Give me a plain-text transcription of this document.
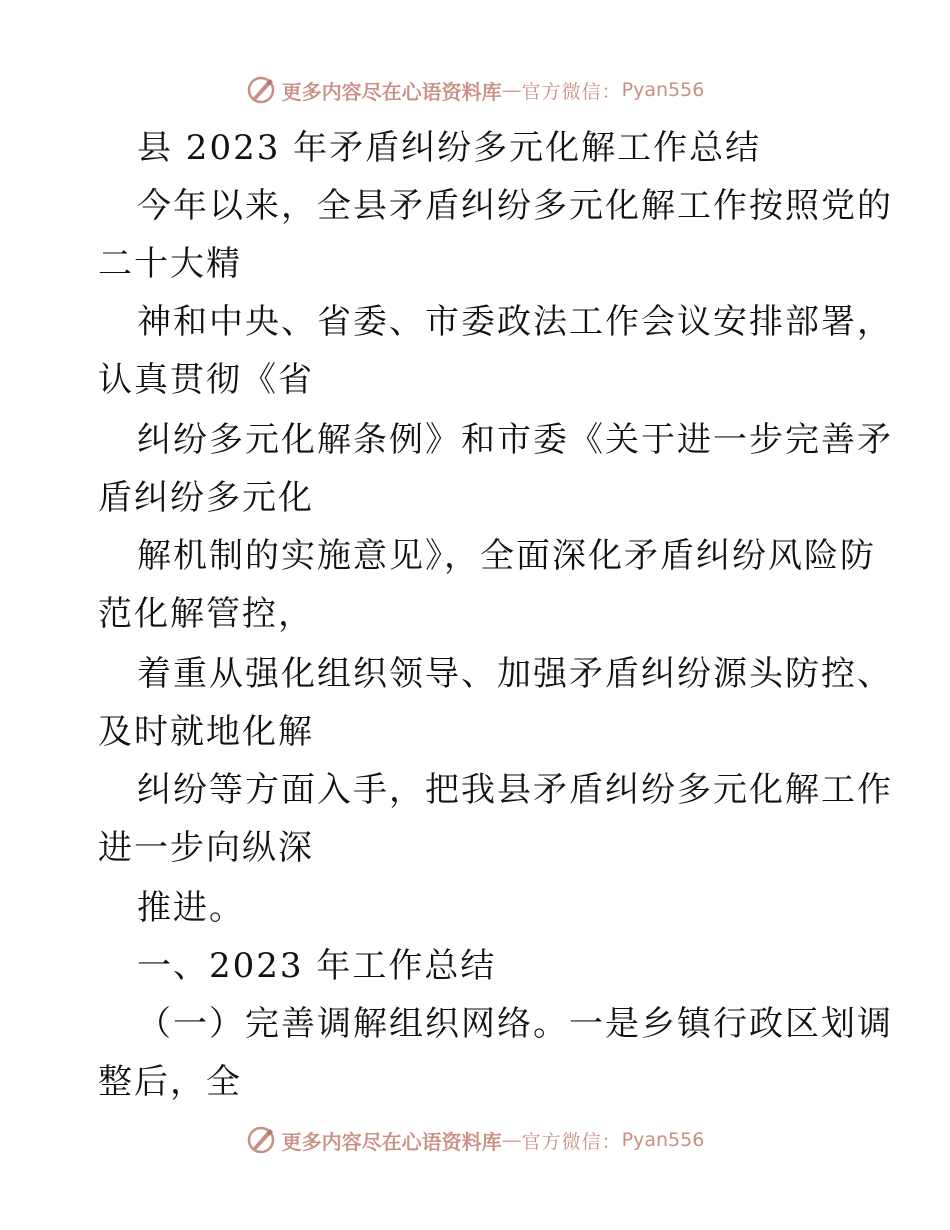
更多内容尽在心语资料库 — 官方微信： Pyan556
县 2023 年矛盾纠纷多元化解工作总结
今年以来，全县矛盾纠纷多元化解工作按照党的
二十大精
神和中央、省委、市委政法工作会议安排部署，
认真贯彻《省
纠纷多元化解条例》和市委《关于进一步完善矛
盾纠纷多元化
解机制的实施意见》，全面深化矛盾纠纷风险防
范化解管控，
着重从强化组织领导、加强矛盾纠纷源头防控、
及时就地化解
纠纷等方面入手，把我县矛盾纠纷多元化解工作
进一步向纵深
推进。
一、2023 年工作总结
（一）完善调解组织网络。一是乡镇行政区划调
整后，全
更多内容尽在心语资料库 — 官方微信： Pyan556
